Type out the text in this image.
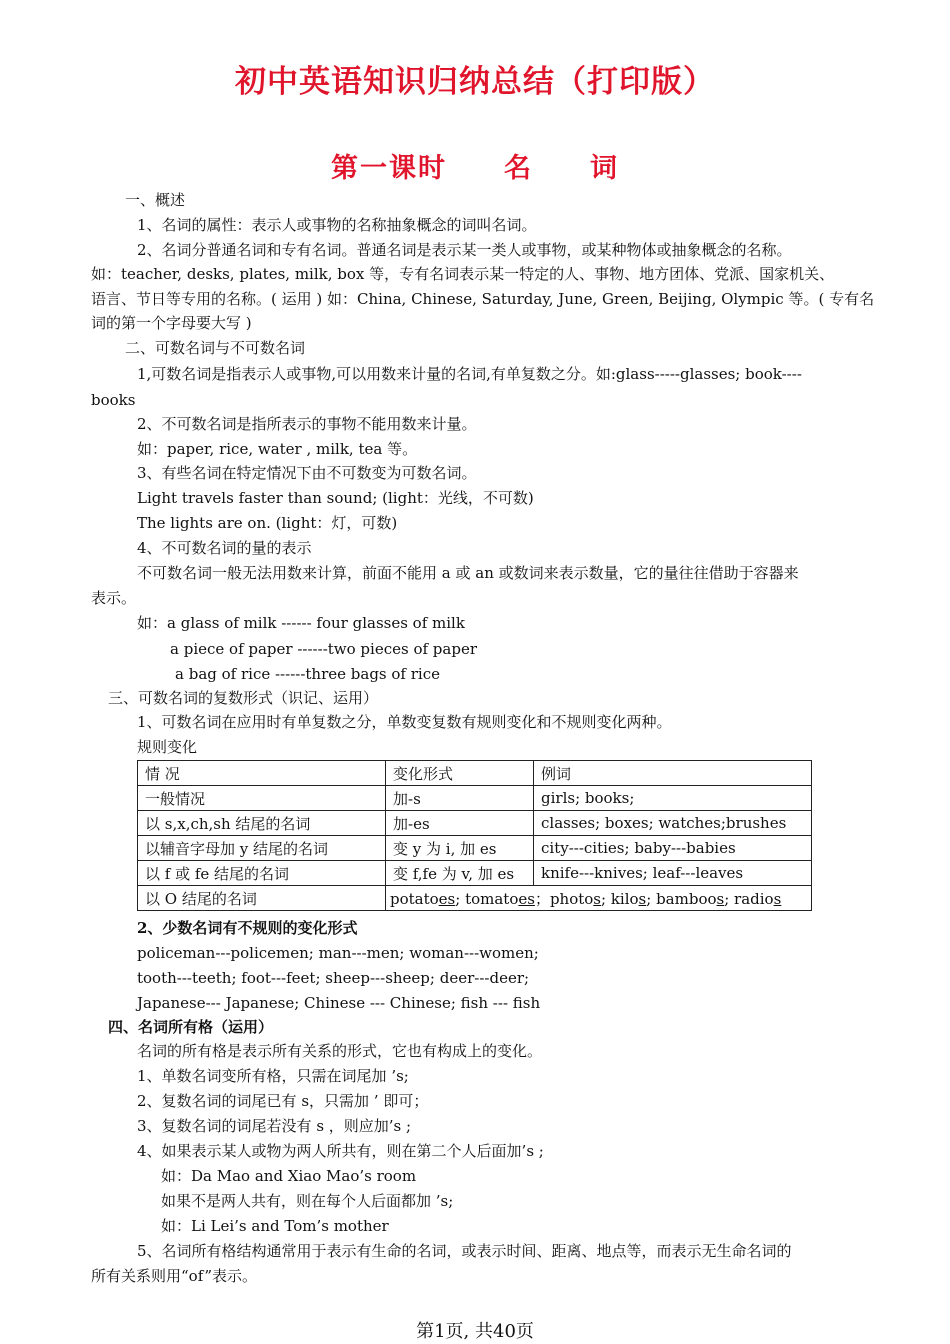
初中英语知识归纳总结（打印版）
第一课时     名     词
一、概述
1、名词的属性：表示人或事物的名称抽象概念的词叫名词。
2、名词分普通名词和专有名词。普通名词是表示某一类人或事物，或某种物体或抽象概念的名称。
如：teacher, desks, plates, milk, box 等，专有名词表示某一特定的人、事物、地方团体、党派、国家机关、
语言、节日等专用的名称。( 运用 ) 如：China, Chinese, Saturday, June, Green, Beijing, Olympic 等。( 专有名
词的第一个字母要大写 )
二、可数名词与不可数名词
1,可数名词是指表示人或事物,可以用数来计量的名词,有单复数之分。如:glass-----glasses; book----
books
2、不可数名词是指所表示的事物不能用数来计量。
如：paper, rice, water , milk, tea 等。
3、有些名词在特定情况下由不可数变为可数名词。
Light travels faster than sound; (light：光线，不可数)
The lights are on. (light：灯，可数)
4、不可数名词的量的表示
不可数名词一般无法用数来计算，前面不能用 a 或 an 或数词来表示数量，它的量往往借助于容器来
表示。
如：a glass of milk ------ four glasses of milk
a piece of paper ------two pieces of paper
a bag of rice ------three bags of rice
三、可数名词的复数形式（识记、运用）
1、可数名词在应用时有单复数之分，单数变复数有规则变化和不规则变化两种。
规则变化
情 况	变化形式	例词
一般情况	加-s	girls; books;
以 s,x,ch,sh 结尾的名词	加-es	classes; boxes; watches;brushes
以辅音字母加 y 结尾的名词	变 y 为 i, 加 es	city---cities; baby---babies
以 f 或 fe 结尾的名词	变 f,fe 为 v, 加 es	knife---knives; leaf---leaves
以 O 结尾的名词	potatoes; tomatoes；photos; kilos; bamboos; radios	
2、少数名词有不规则的变化形式
policeman---policemen; man---men; woman---women;
tooth---teeth; foot---feet; sheep---sheep; deer---deer;
Japanese--- Japanese; Chinese --- Chinese; fish --- fish
四、名词所有格（运用）
名词的所有格是表示所有关系的形式，它也有构成上的变化。
1、单数名词变所有格，只需在词尾加 ’s;
2、复数名词的词尾已有 s，只需加 ’ 即可；
3、复数名词的词尾若没有 s ，则应加’s ;
4、如果表示某人或物为两人所共有，则在第二个人后面加’s ;
如：Da Mao and Xiao Mao’s room
如果不是两人共有，则在每个人后面都加 ’s;
如：Li Lei’s and Tom’s mother
5、名词所有格结构通常用于表示有生命的名词，或表示时间、距离、地点等，而表示无生命名词的
所有关系则用“of”表示。
第1页, 共40页
